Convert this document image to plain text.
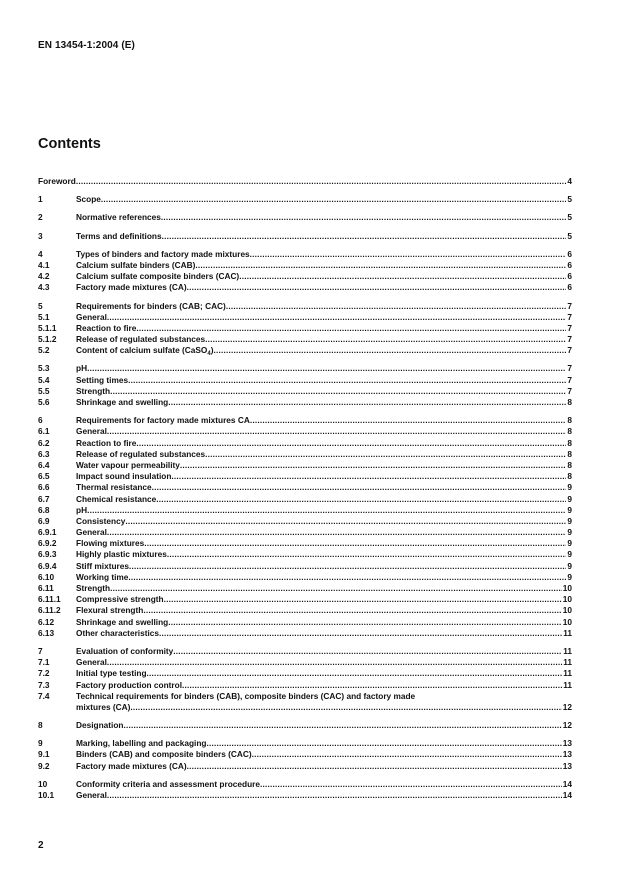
EN 13454-1:2004 (E)
Contents
Foreword .....	4
1	Scope .....	5
2	Normative references .....	5
3	Terms and definitions .....	5
4	Types of binders and factory made mixtures .....	6
4.1	Calcium sulfate binders (CAB) .....	6
4.2	Calcium sulfate composite binders (CAC) .....	6
4.3	Factory made mixtures (CA) .....	6
5	Requirements for binders (CAB; CAC) .....	7
5.1	General .....	7
5.1.1 Reaction to fire .....	7
5.1.2 Release of regulated substances .....	7
5.2	Content of calcium sulfate (CaSO$_4$) .....	7
5.3	pH .....	7
5.4	Setting times .....	7
5.5	Strength .....	7
5.6	Shrinkage and swelling .....	8
6	Requirements for factory made mixtures CA .....	8
6.1	General .....	8
6.2	Reaction to fire .....	8
6.3	Release of regulated substances .....	8
6.4	Water vapour permeability .....	8
6.5	Impact sound insulation .....	8
6.6	Thermal resistance .....	9
6.7	Chemical resistance .....	9
6.8	pH .....	9
6.9	Consistency .....	9
6.9.1 General .....	9
6.9.2 Flowing mixtures .....	9
6.9.3 Highly plastic mixtures .....	9
6.9.4 Stiff mixtures .....	9
6.10	Working time .....	9
6.11	Strength .....	10
6.11.1 Compressive strength .....	10
6.11.2 Flexural strength .....	10
6.12	Shrinkage and swelling .....	10
6.13	Other characteristics .....	11
7	Evaluation of conformity .....	11
7.1	General .....	11
7.2	Initial type testing .....	11
7.3	Factory production control .....	11
7.4	Technical requirements for binders (CAB), composite binders (CAC) and factory made
mixtures (CA) .....	12
8	Designation .....	12
9	Marking, labelling and packaging .....	13
9.1	Binders (CAB) and composite binders (CAC) .....	13
9.2	Factory made mixtures (CA) .....	13
10	Conformity criteria and assessment procedure .....	14
10.1	General .....	14
2
